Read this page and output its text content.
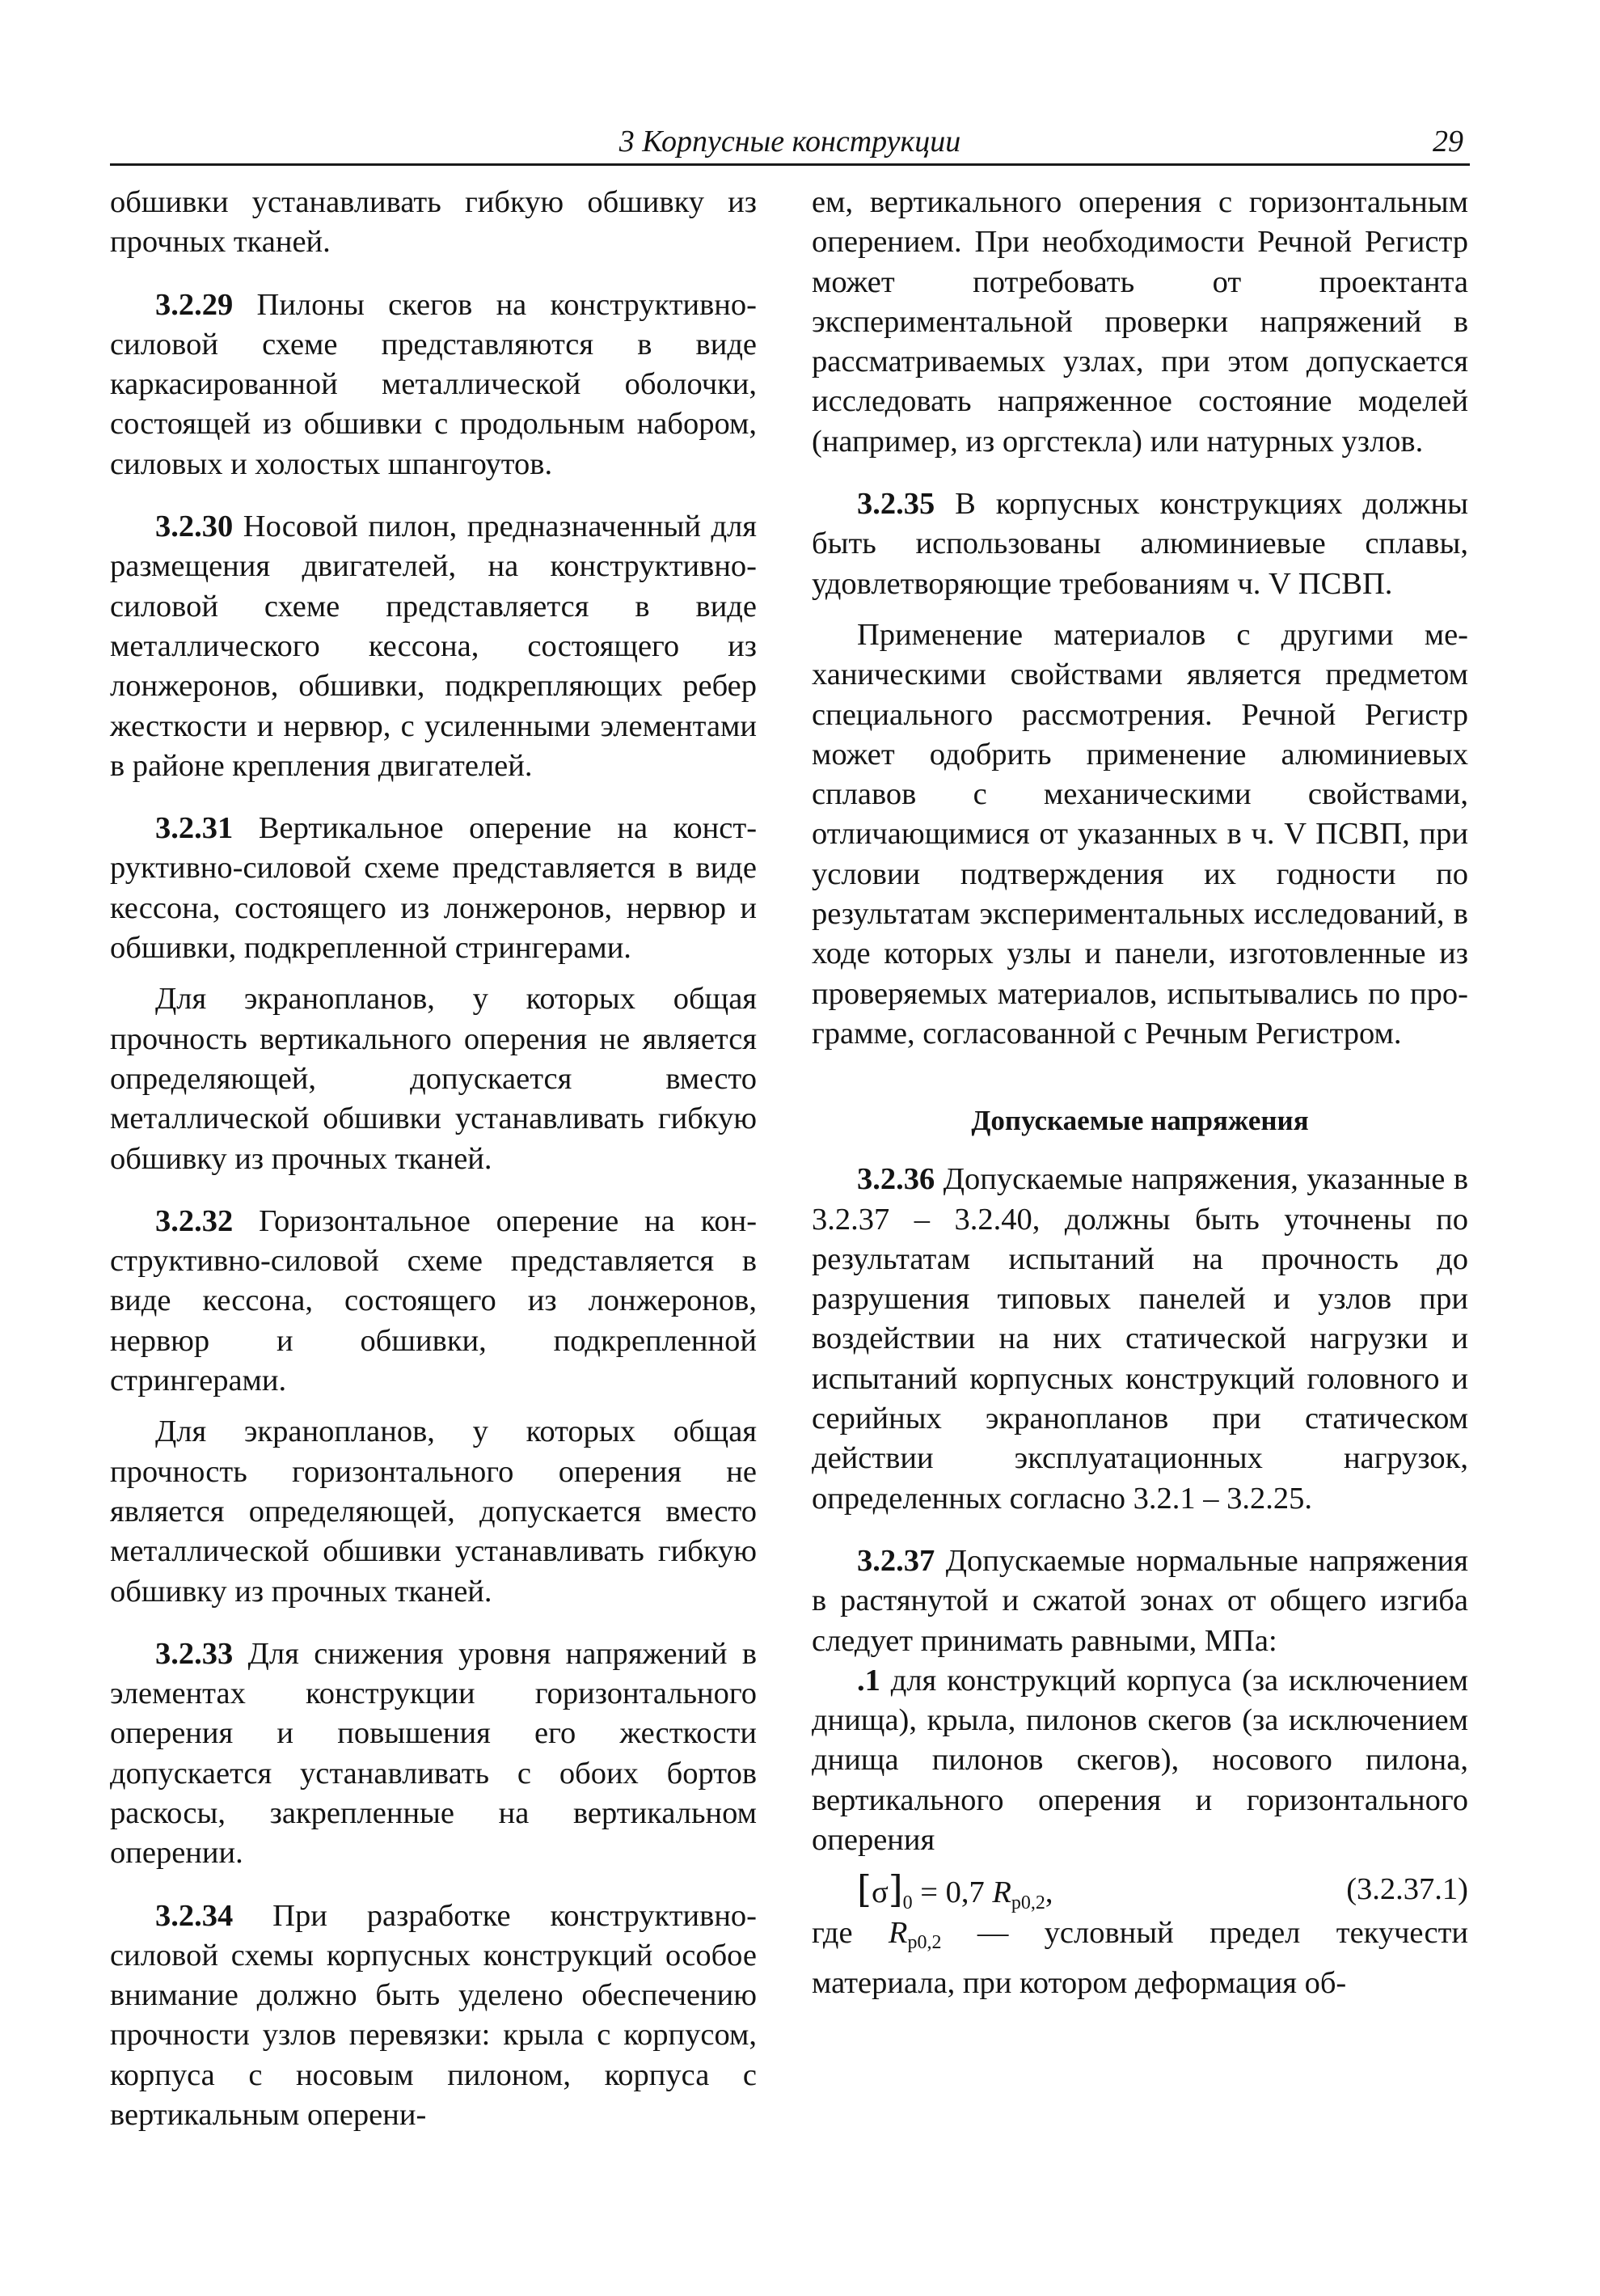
3 Корпусные конструкции	29

обшивки устанавливать гибкую обшивку из прочных тканей.

3.2.29 Пилоны скегов на конструктивно-силовой схеме представляются в виде каркасированной металлической оболочки, состоящей из обшивки с продольным набором, силовых и холостых шпангоутов.

3.2.30 Носовой пилон, предназначенный для размещения двигателей, на конструктивно-силовой схеме представляется в виде металлического кессона, состоящего из лонжеронов, обшивки, подкрепляющих ребер жесткости и нервюр, с усиленными элементами в районе крепления двигателей.

3.2.31 Вертикальное оперение на конструктивно-силовой схеме представляется в виде кессона, состоящего из лонжеронов, нервюр и обшивки, подкрепленной стрингерами.

Для экранопланов, у которых общая прочность вертикального оперения не является определяющей, допускается вместо металлической обшивки устанавливать гибкую обшивку из прочных тканей.

3.2.32 Горизонтальное оперение на конструктивно-силовой схеме представляется в виде кессона, состоящего из лонжеронов, нервюр и обшивки, подкрепленной стрингерами.

Для экранопланов, у которых общая прочность горизонтального оперения не является определяющей, допускается вместо металлической обшивки устанавливать гибкую обшивку из прочных тканей.

3.2.33 Для снижения уровня напряжений в элементах конструкции горизонтального оперения и повышения его жесткости допускается устанавливать с обоих бортов раскосы, закрепленные на вертикальном оперении.

3.2.34 При разработке конструктивно-силовой схемы корпусных конструкций особое внимание должно быть уделено обеспечению прочности узлов перевязки: крыла с корпусом, корпуса с носовым пилоном, корпуса с вертикальным оперени-

ем, вертикального оперения с горизонтальным оперением. При необходимости Речной Регистр может потребовать от проектанта экспериментальной проверки напряжений в рассматриваемых узлах, при этом допускается исследовать напряженное состояние моделей (например, из оргстекла) или натурных узлов.

3.2.35 В корпусных конструкциях должны быть использованы алюминиевые сплавы, удовлетворяющие требованиям ч. V ПСВП.

Применение материалов с другими механическими свойствами является предметом специального рассмотрения. Речной Регистр может одобрить применение алюминиевых сплавов с механическими свойствами, отличающимися от указанных в ч. V ПСВП, при условии подтверждения их годности по результатам экспериментальных исследований, в ходе которых узлы и панели, изготовленные из проверяемых материалов, испытывались по программе, согласованной с Речным Регистром.

Допускаемые напряжения

3.2.36 Допускаемые напряжения, указанные в 3.2.37 – 3.2.40, должны быть уточнены по результатам испытаний на прочность до разрушения типовых панелей и узлов при воздействии на них статической нагрузки и испытаний корпусных конструкций головного и серийных экранопланов при статическом действии эксплуатационных нагрузок, определенных согласно 3.2.1 – 3.2.25.

3.2.37 Допускаемые нормальные напряжения в растянутой и сжатой зонах от общего изгиба следует принимать равными, МПа:

.1 для конструкций корпуса (за исключением днища), крыла, пилонов скегов (за исключением днища пилонов скегов), носового пилона, вертикального оперения и горизонтального оперения

$[\sigma]_0 = 0,7$ $R_{p0,2}$,	(3.2.37.1)

где $R_{p0,2}$ — условный предел текучести материала, при котором деформация об-
